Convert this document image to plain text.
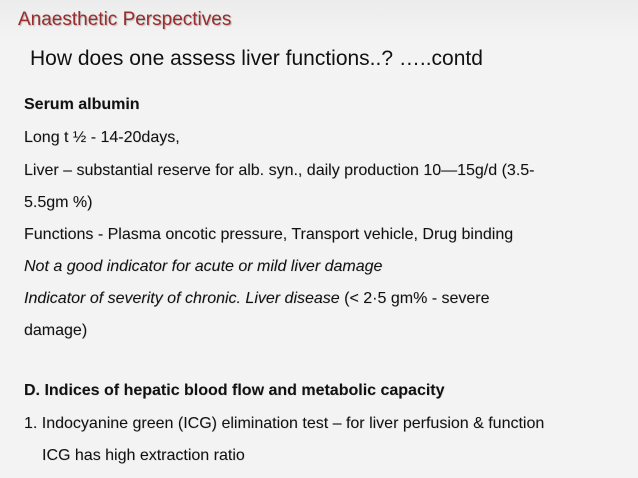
Anaesthetic Perspectives
How does one assess liver functions..? …..contd
Serum albumin
Long t ½ - 14-20days,
Liver – substantial reserve for alb. syn., daily production 10—15g/d (3.5-
5.5gm %)
Functions - Plasma oncotic pressure, Transport vehicle, Drug binding
Not a good indicator for acute or mild liver damage
Indicator of severity of chronic. Liver disease (< 2·5 gm% - severe
damage)
D. Indices of hepatic blood flow and metabolic capacity
1. Indocyanine green (ICG) elimination test – for liver perfusion & function
ICG has high extraction ratio
